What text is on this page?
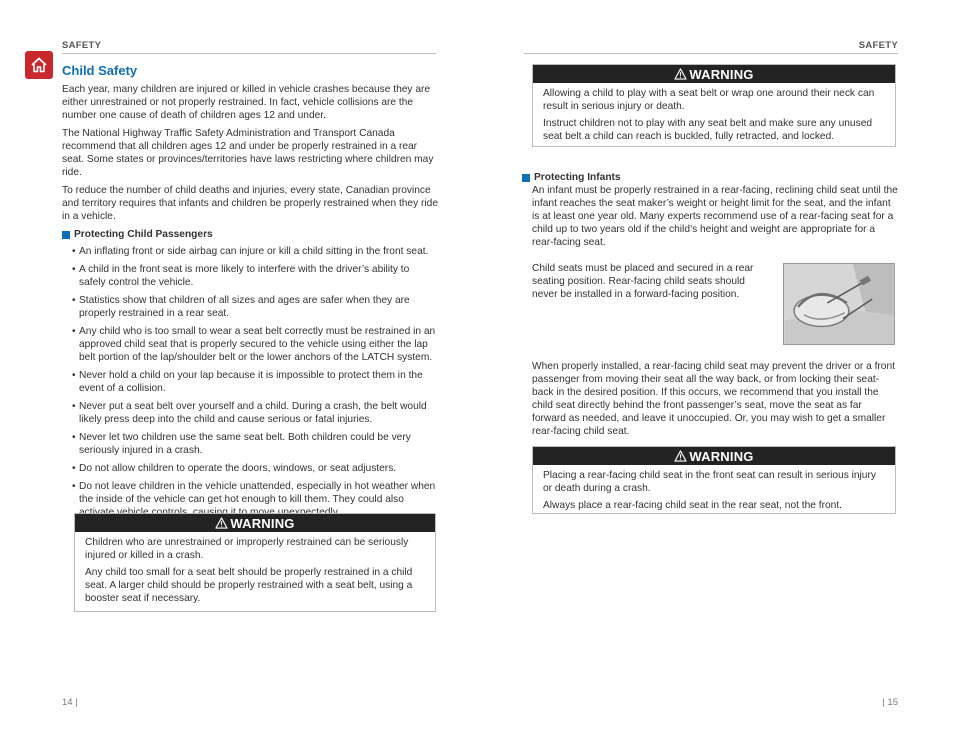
SAFETY
Child Safety

Each year, many children are injured or killed in vehicle crashes because they are either unrestrained or not properly restrained. In fact, vehicle collisions are the number one cause of death of children ages 12 and under.

The National Highway Traffic Safety Administration and Transport Canada recommend that all children ages 12 and under be properly restrained in a rear seat. Some states or provinces/territories have laws restricting where children may ride.

To reduce the number of child deaths and injuries, every state, Canadian province and territory requires that infants and children be properly restrained when they ride in a vehicle.

Protecting Child Passengers
• An inflating front or side airbag can injure or kill a child sitting in the front seat.
• A child in the front seat is more likely to interfere with the driver’s ability to safely control the vehicle.
• Statistics show that children of all sizes and ages are safer when they are properly restrained in a rear seat.
• Any child who is too small to wear a seat belt correctly must be restrained in an approved child seat that is properly secured to the vehicle using either the lap belt portion of the lap/shoulder belt or the lower anchors of the LATCH system.
• Never hold a child on your lap because it is impossible to protect them in the event of a collision.
• Never put a seat belt over yourself and a child. During a crash, the belt would likely press deep into the child and cause serious or fatal injuries.
• Never let two children use the same seat belt. Both children could be very seriously injured in a crash.
• Do not allow children to operate the doors, windows, or seat adjusters.
• Do not leave children in the vehicle unattended, especially in hot weather when the inside of the vehicle can get hot enough to kill them. They could also
14 |
WARNING

Children who are unrestrained or improperly restrained can be seriously injured or killed in a crash.

Any child too small for a seat belt should be properly restrained in a child seat. A larger child should be properly restrained with a seat belt, using a booster seat if necessary.

SAFETY
| 15
WARNING

Allowing a child to play with a seat belt or wrap one around their neck can result in serious injury or death.

Instruct children not to play with any seat belt and make sure any unused seat belt a child can reach is buckled, fully retracted, and locked.

Protecting Infants

An infant must be properly restrained in a rear-facing, reclining child seat until the infant reaches the seat maker’s weight or height limit for the seat, and the infant is at least one year old. Many experts recommend use of a rear-facing seat for a child up to two years old if the child’s height and weight are appropriate for a rear-facing seat.

Child seats must be placed and secured in a rear seating position. Rear-facing child seats should never be installed in a forward-facing position.

When properly installed, a rear-facing child seat may prevent the driver or a front passenger from moving their seat all the way back, or from locking their seat-back in the desired position. If this occurs, we recommend that you install the child seat directly behind the front passenger’s seat, move the seat as far forward as needed, and leave it unoccupied. Or, you may wish to get a smaller rear-facing child seat.

WARNING

Placing a rear-facing child seat in the front seat can result in serious injury or death during a crash.

Always place a rear-facing child seat in the rear seat, not the front.
